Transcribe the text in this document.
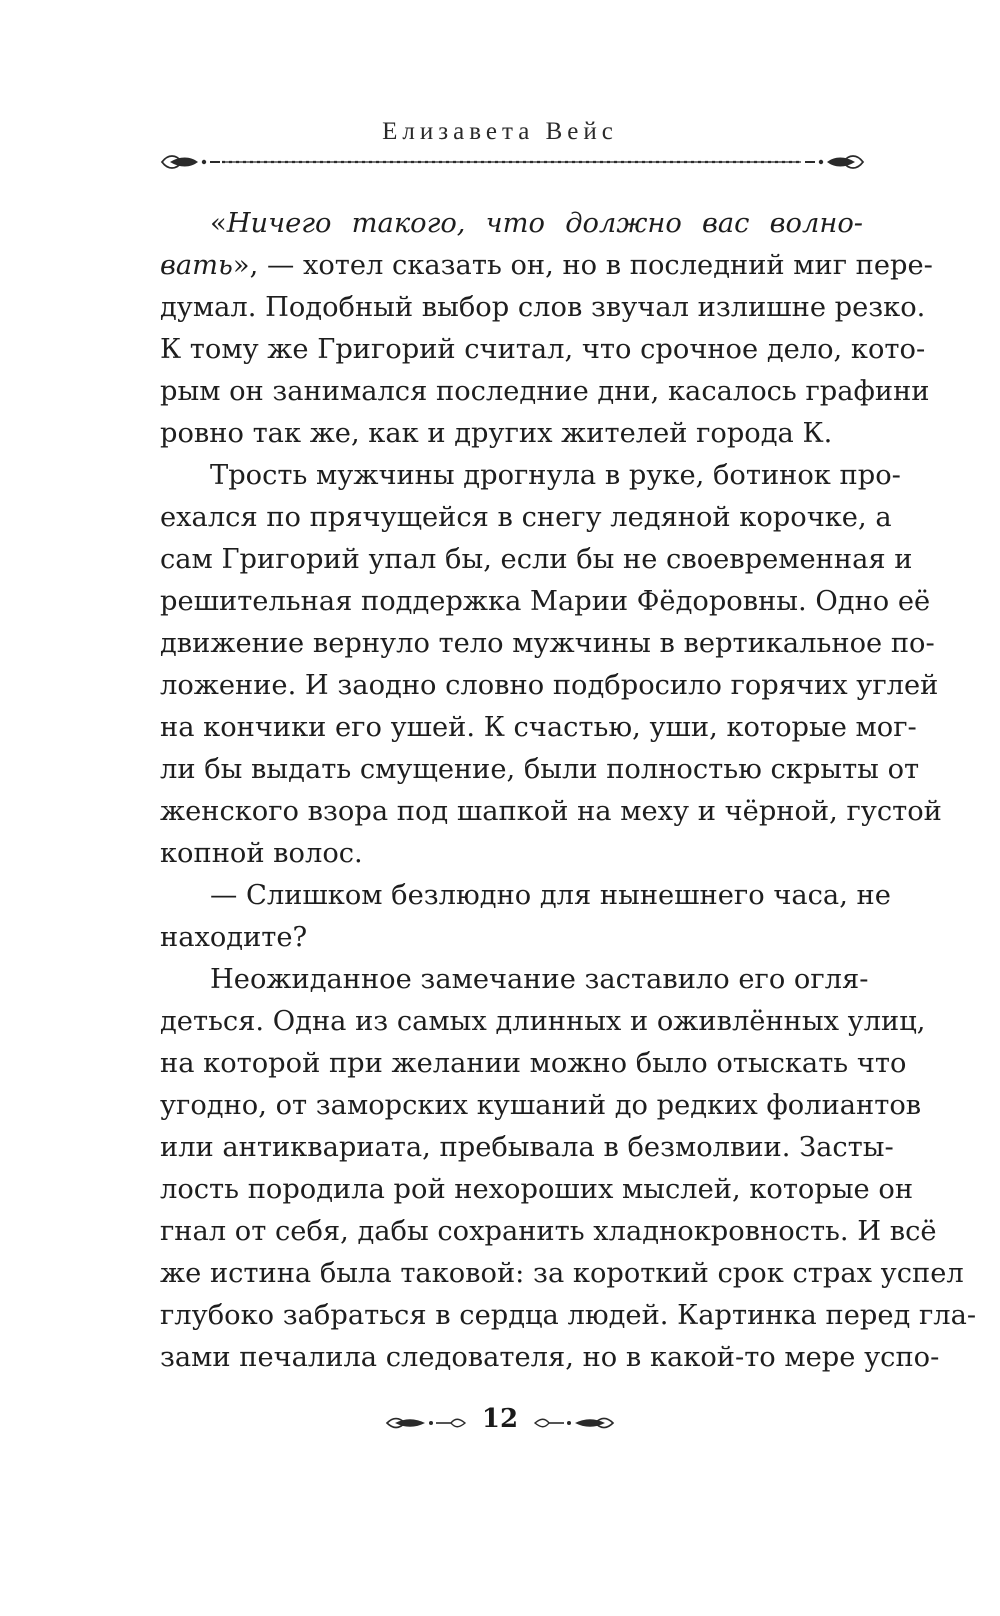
Елизавета Вейс
«Ничего такого, что должно вас волно-
вать», — хотел сказать он, но в последний миг пере-
думал. Подобный выбор слов звучал излишне резко.
К тому же Григорий считал, что срочное дело, кото-
рым он занимался последние дни, касалось графини
ровно так же, как и других жителей города К.
Трость мужчины дрогнула в руке, ботинок про-
ехался по прячущейся в снегу ледяной корочке, а
сам Григорий упал бы, если бы не своевременная и
решительная поддержка Марии Фёдоровны. Одно её
движение вернуло тело мужчины в вертикальное по-
ложение. И заодно словно подбросило горячих углей
на кончики его ушей. К счастью, уши, которые мог-
ли бы выдать смущение, были полностью скрыты от
женского взора под шапкой на меху и чёрной, густой
копной волос.
— Слишком безлюдно для нынешнего часа, не
находите?
Неожиданное замечание заставило его огля-
деться. Одна из самых длинных и оживлённых улиц,
на которой при желании можно было отыскать что
угодно, от заморских кушаний до редких фолиантов
или антиквариата, пребывала в безмолвии. Засты-
лость породила рой нехороших мыслей, которые он
гнал от себя, дабы сохранить хладнокровность. И всё
же истина была таковой: за короткий срок страх успел
глубоко забраться в сердца людей. Картинка перед гла-
зами печалила следователя, но в какой-то мере успо-
12
